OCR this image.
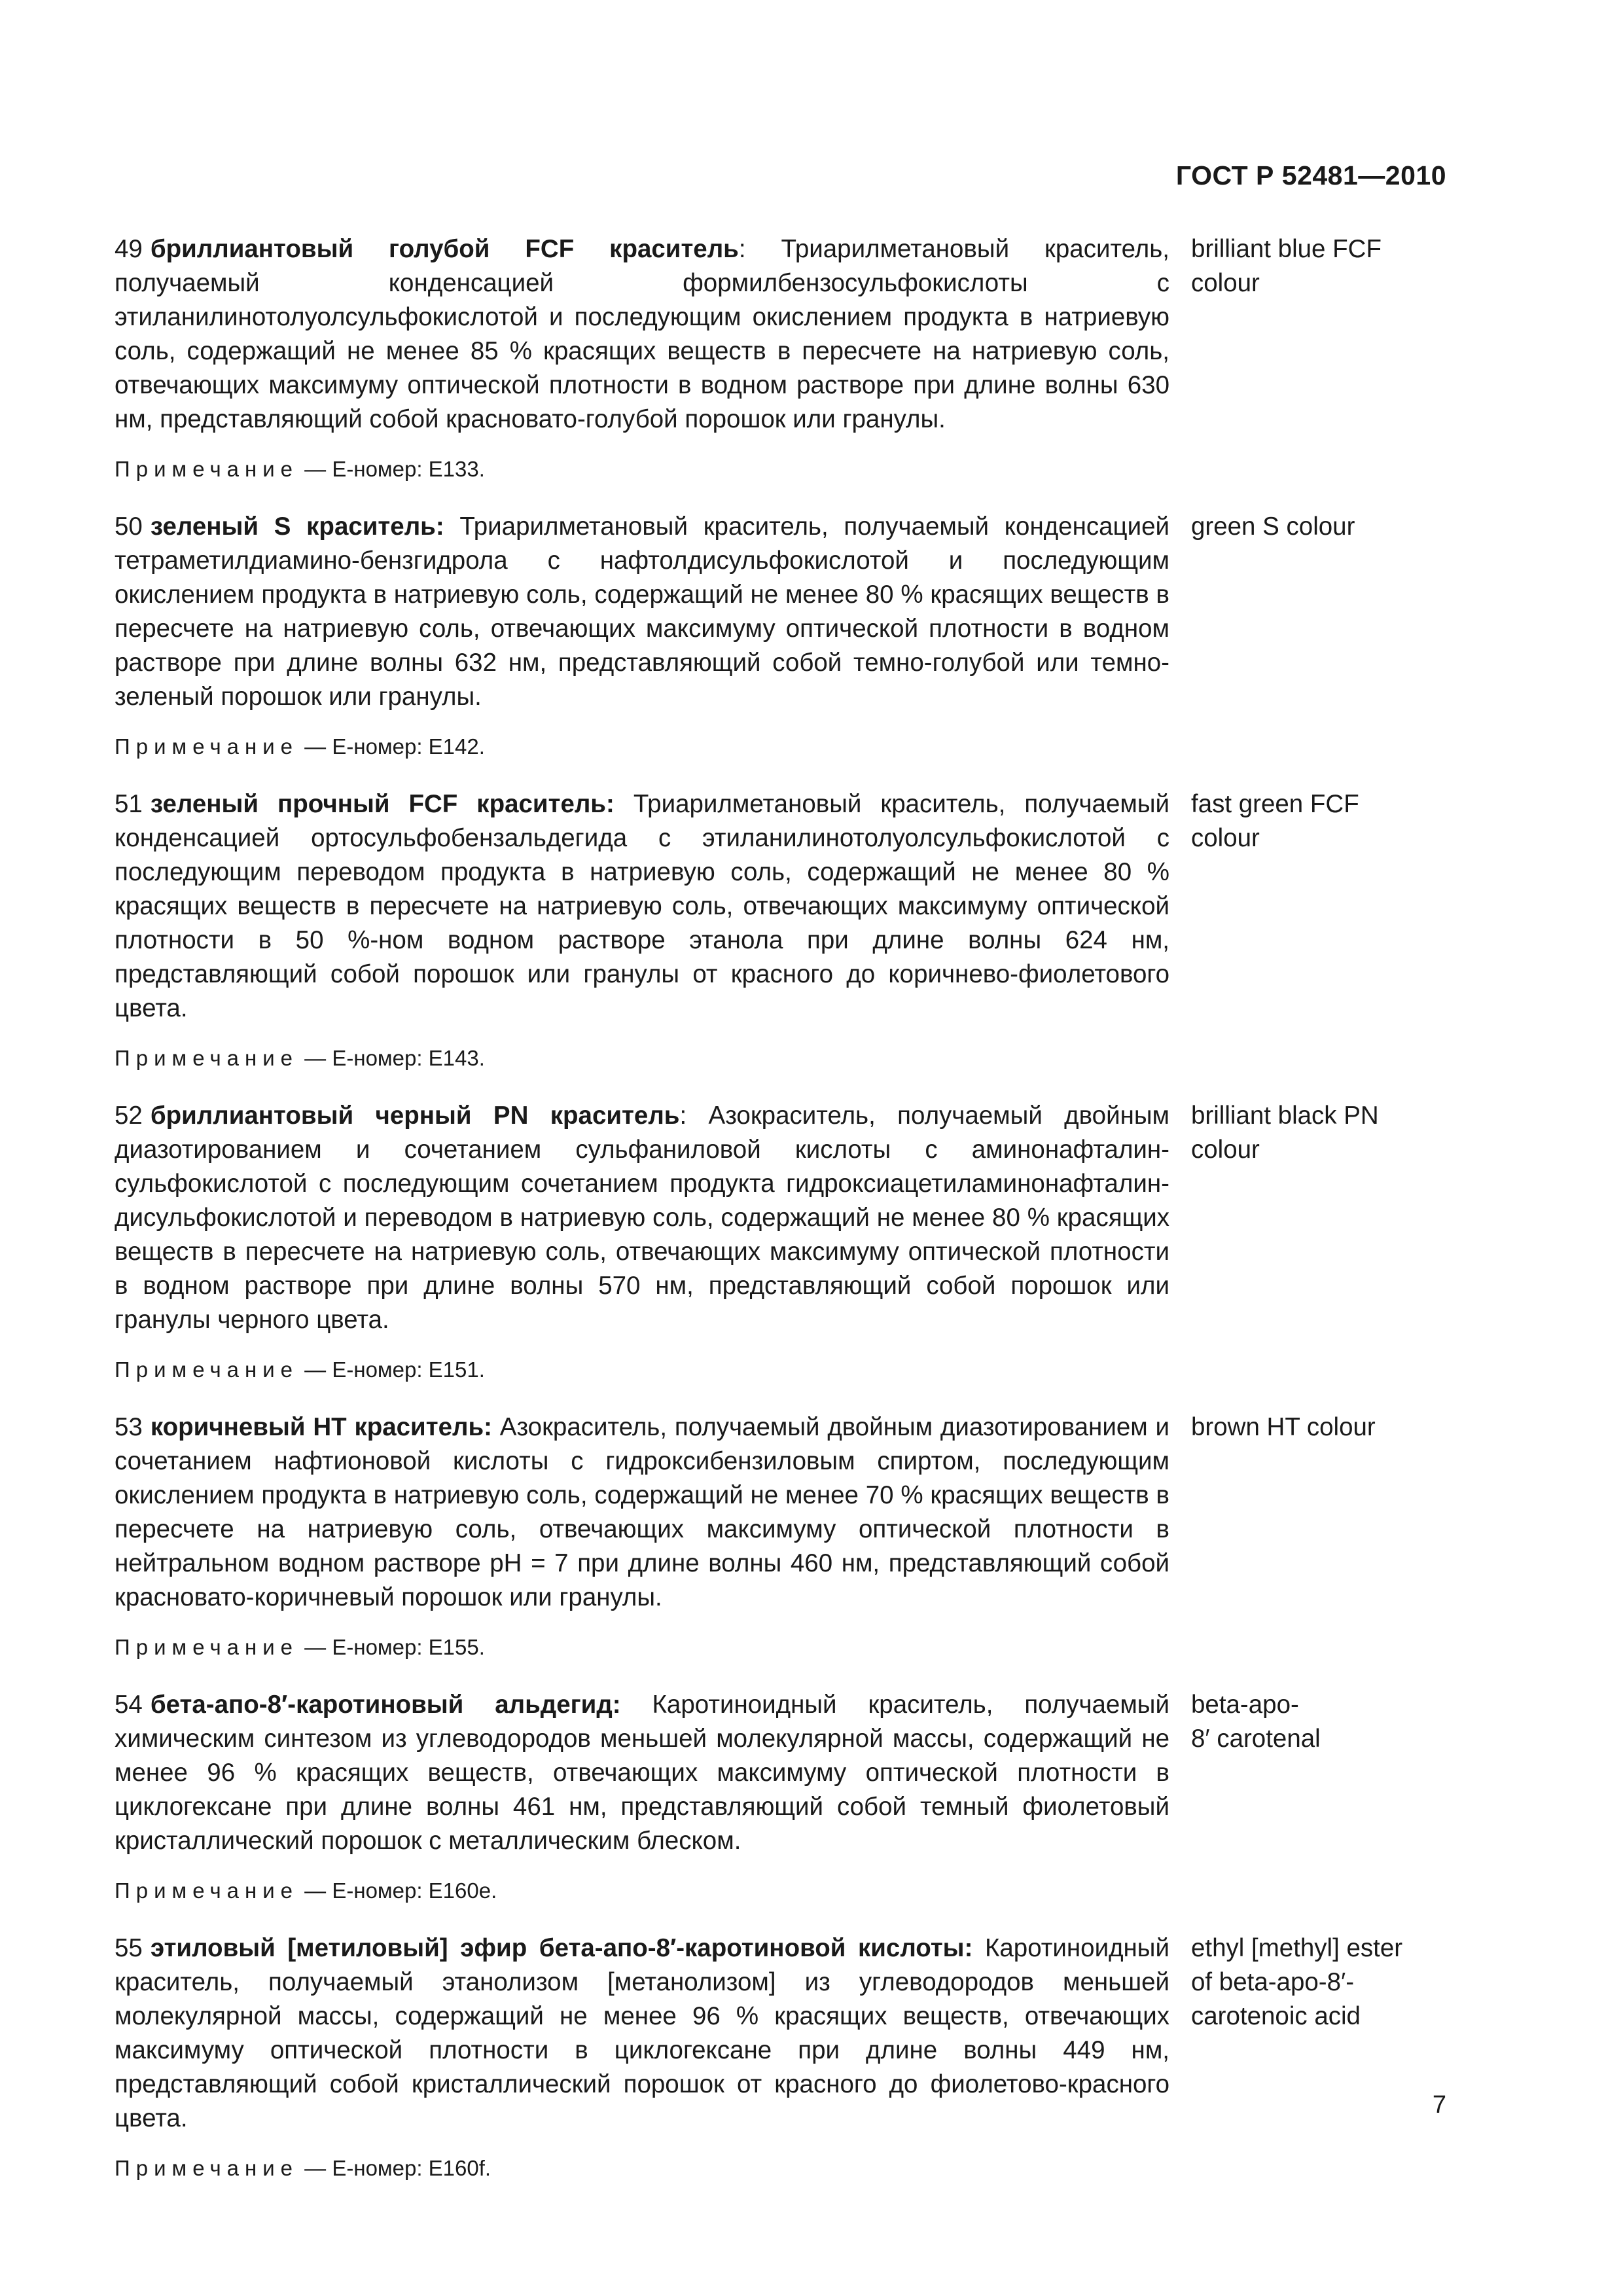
ГОСТ Р 52481—2010
49 бриллиантовый голубой FCF краситель: Триарилметановый краситель, получаемый конденсацией формилбензосульфокислоты с этиланилинотолуолсульфокислотой и последующим окислением продукта в натриевую соль, содержащий не менее 85 % красящих веществ в пересчете на натриевую соль, отвечающих максимуму оптической плотности в водном растворе при длине волны 630 нм, представляющий собой красновато-голубой порошок или гранулы.
brilliant blue FCF
colour
Примечание — Е-номер: Е133.
50 зеленый S краситель: Триарилметановый краситель, получаемый конденсацией тетраметилдиамино-бензгидрола с нафтолдисульфокислотой и последующим окислением продукта в натриевую соль, содержащий не менее 80 % красящих веществ в пересчете на натриевую соль, отвечающих максимуму оптической плотности в водном растворе при длине волны 632 нм, представляющий собой темно-голубой или темно-зеленый порошок или гранулы.
green S colour
Примечание — Е-номер: Е142.
51 зеленый прочный FCF краситель: Триарилметановый краситель, получаемый конденсацией ортосульфобензальдегида с этиланилинотолуолсульфокислотой с последующим переводом продукта в натриевую соль, содержащий не менее 80 % красящих веществ в пересчете на натриевую соль, отвечающих максимуму оптической плотности в 50 %-ном водном растворе этанола при длине волны 624 нм, представляющий собой порошок или гранулы от красного до коричнево-фиолетового цвета.
fast green FCF
colour
Примечание — Е-номер: Е143.
52 бриллиантовый черный PN краситель: Азокраситель, получаемый двойным диазотированием и сочетанием сульфаниловой кислоты с аминонафталин-сульфокислотой с последующим сочетанием продукта гидроксиацетиламинонафталин-дисульфокислотой и переводом в натриевую соль, содержащий не менее 80 % красящих веществ в пересчете на натриевую соль, отвечающих максимуму оптической плотности в водном растворе при длине волны 570 нм, представляющий собой порошок или гранулы черного цвета.
brilliant black PN
colour
Примечание — Е-номер: Е151.
53 коричневый HT краситель: Азокраситель, получаемый двойным диазотированием и сочетанием нафтионовой кислоты с гидроксибензиловым спиртом, последующим окислением продукта в натриевую соль, содержащий не менее 70 % красящих веществ в пересчете на натриевую соль, отвечающих максимуму оптической плотности в нейтральном водном растворе pH = 7 при длине волны 460 нм, представляющий собой красновато-коричневый порошок или гранулы.
brown HT colour
Примечание — Е-номер: Е155.
54 бета-апо-8′-каротиновый альдегид: Каротиноидный краситель, получаемый химическим синтезом из углеводородов меньшей молекулярной массы, содержащий не менее 96 % красящих веществ, отвечающих максимуму оптической плотности в циклогексане при длине волны 461 нм, представляющий собой темный фиолетовый кристаллический порошок с металлическим блеском.
beta-apo-
8′ carotenal
Примечание — Е-номер: Е160e.
55 этиловый [метиловый] эфир бета-апо-8′-каротиновой кислоты: Каротиноидный краситель, получаемый этанолизом [метанолизом] из углеводородов меньшей молекулярной массы, содержащий не менее 96 % красящих веществ, отвечающих максимуму оптической плотности в циклогексане при длине волны 449 нм, представляющий собой кристаллический порошок от красного до фиолетово-красного цвета.
ethyl [methyl] ester
of beta-apo-8′-
carotenoic acid
Примечание — Е-номер: Е160f.
7
